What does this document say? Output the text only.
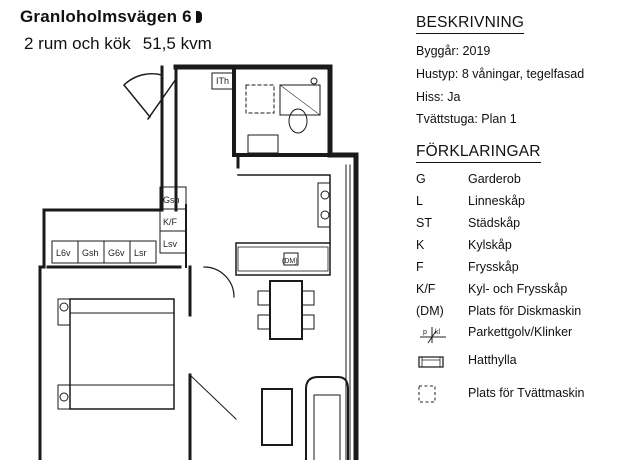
Granloholmsvägen 6
2 rum och kök 51,5 kvm
ITh
Gsh
K/F
Lsv
L6v Gsh G6v Lsr
(DM)
BESKRIVNING
Byggår: 2019
Hustyp: 8 våningar, tegelfasad
Hiss: Ja
Tvättstuga: Plan 1
FÖRKLARINGAR
G	Garderob
L	Linneskåp
ST	Städskåp
K	Kylskåp
F	Frysskåp
K/F	Kyl- och Frysskåp
(DM) Plats för Diskmaskin
p kl Parkettgolv/Klinker
Hatthylla
Plats för Tvättmaskin
